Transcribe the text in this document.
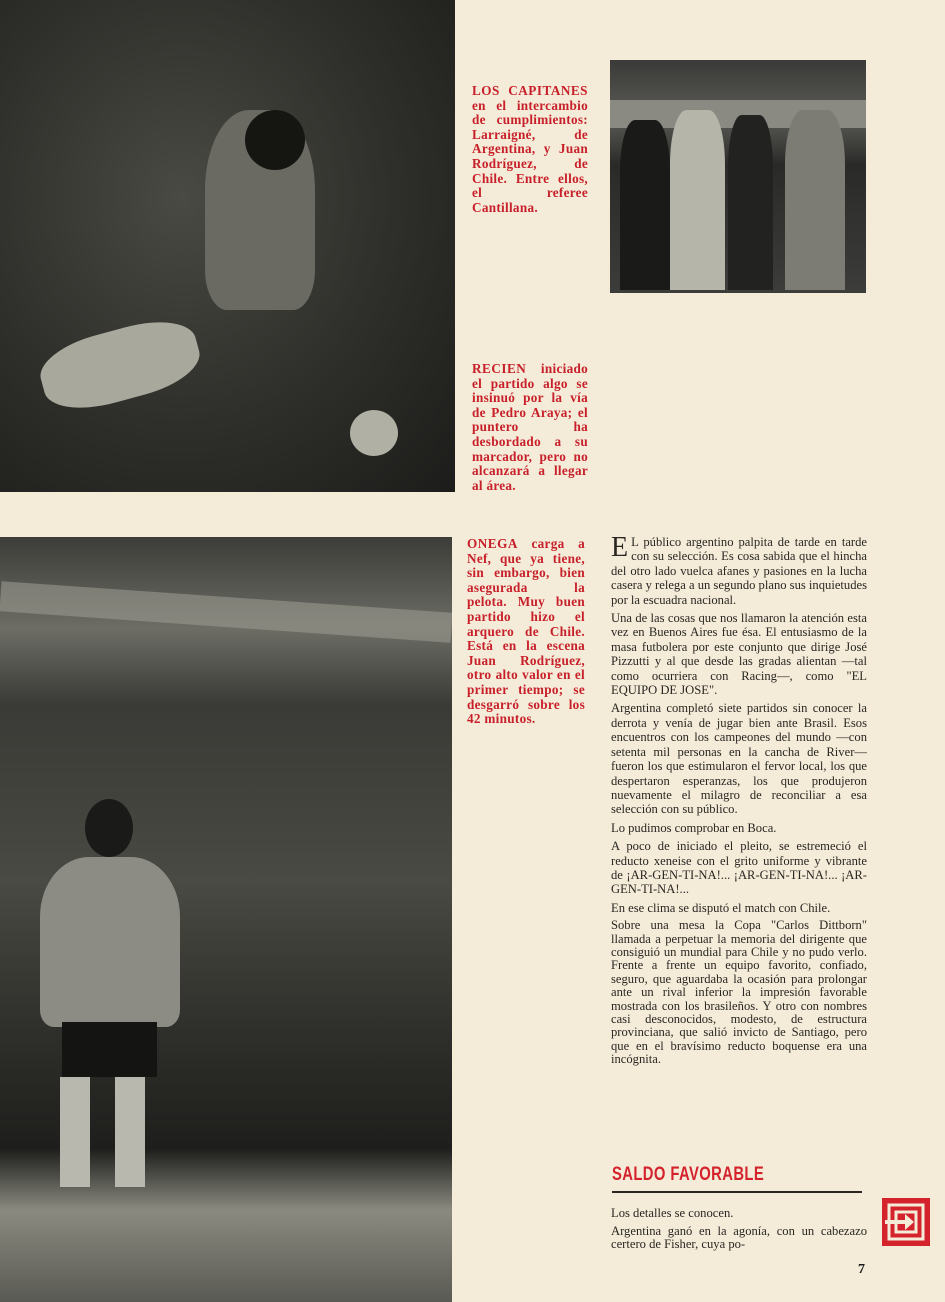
LOS CAPITANES en el intercambio de cumplimientos: Larraigné, de Argentina, y Juan Rodríguez, de Chile. Entre ellos, el referee Cantillana.
RECIEN iniciado el partido algo se insinuó por la vía de Pedro Araya; el puntero ha desbordado a su marcador, pero no alcanzará a llegar al área.
ONEGA carga a Nef, que ya tiene, sin embargo, bien asegurada la pelota. Muy buen partido hizo el arquero de Chile. Está en la escena Juan Rodríguez, otro alto valor en el primer tiempo; se desgarró sobre los 42 minutos.

E L público argentino palpita de tarde en tarde con su selección. Es cosa sabida que el hincha del otro lado vuelca afanes y pasiones en la lucha casera y relega a un segundo plano sus inquietudes por la escuadra nacional.

Una de las cosas que nos llamaron la atención esta vez en Buenos Aires fue ésa. El entusiasmo de la masa futbolera por este conjunto que dirige José Pizzutti y al que desde las gradas alientan —tal como ocurriera con Racing—, como "EL EQUIPO DE JOSE".

Argentina completó siete partidos sin conocer la derrota y venía de jugar bien ante Brasil. Esos encuentros con los campeones del mundo —con setenta mil personas en la cancha de River— fueron los que estimularon el fervor local, los que despertaron esperanzas, los que produjeron nuevamente el milagro de reconciliar a esa selección con su público.

Lo pudimos comprobar en Boca.

A poco de iniciado el pleito, se estremeció el reducto xeneise con el grito uniforme y vibrante de ¡AR-GEN-TI-NA!... ¡AR-GEN-TI-NA!... ¡AR-GEN-TI-NA!...

En ese clima se disputó el match con Chile.

Sobre una mesa la Copa "Carlos Dittborn" llamada a perpetuar la memoria del dirigente que consiguió un mundial para Chile y no pudo verlo. Frente a frente un equipo favorito, confiado, seguro, que aguardaba la ocasión para prolongar ante un rival inferior la impresión favorable mostrada con los brasileños. Y otro con nombres casi desconocidos, modesto, de estructura provinciana, que salió invicto de Santiago, pero que en el bravísimo reducto boquense era una incógnita.

SALDO FAVORABLE

Los detalles se conocen.

Argentina ganó en la agonía, con un cabezazo certero de Fisher, cuya po-

7
